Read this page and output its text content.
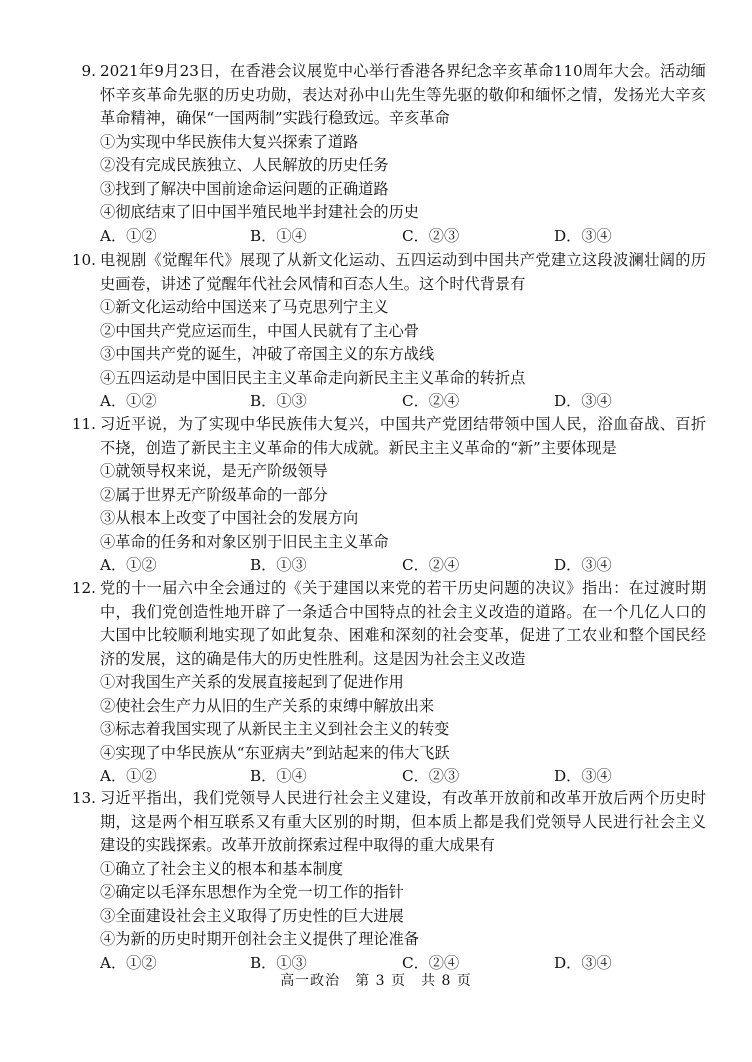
9. 2021年9月23日，在香港会议展览中心举行香港各界纪念辛亥革命110周年大会。活动缅怀辛亥革命先驱的历史功勋，表达对孙中山先生等先驱的敬仰和缅怀之情，发扬光大辛亥革命精神，确保“一国两制”实践行稳致远。辛亥革命
①为实现中华民族伟大复兴探索了道路
②没有完成民族独立、人民解放的历史任务
③找到了解决中国前途命运问题的正确道路
④彻底结束了旧中国半殖民地半封建社会的历史
A．①②	B．①④	C．②③	D．③④
10. 电视剧《觉醒年代》展现了从新文化运动、五四运动到中国共产党建立这段波澜壮阔的历史画卷，讲述了觉醒年代社会风情和百态人生。这个时代背景有
①新文化运动给中国送来了马克思列宁主义
②中国共产党应运而生，中国人民就有了主心骨
③中国共产党的诞生，冲破了帝国主义的东方战线
④五四运动是中国旧民主主义革命走向新民主主义革命的转折点
A．①②	B．①③	C．②④	D．③④
11. 习近平说，为了实现中华民族伟大复兴，中国共产党团结带领中国人民，浴血奋战、百折不挠，创造了新民主主义革命的伟大成就。新民主主义革命的“新”主要体现是
①就领导权来说，是无产阶级领导
②属于世界无产阶级革命的一部分
③从根本上改变了中国社会的发展方向
④革命的任务和对象区别于旧民主主义革命
A．①②	B．①③	C．②④	D．③④
12. 党的十一届六中全会通过的《关于建国以来党的若干历史问题的决议》指出：在过渡时期中，我们党创造性地开辟了一条适合中国特点的社会主义改造的道路。在一个几亿人口的大国中比较顺利地实现了如此复杂、困难和深刻的社会变革，促进了工农业和整个国民经济的发展，这的确是伟大的历史性胜利。这是因为社会主义改造
①对我国生产关系的发展直接起到了促进作用
②使社会生产力从旧的生产关系的束缚中解放出来
③标志着我国实现了从新民主主义到社会主义的转变
④实现了中华民族从“东亚病夫”到站起来的伟大飞跃
A．①②	B．①④	C．②③	D．③④
13. 习近平指出，我们党领导人民进行社会主义建设，有改革开放前和改革开放后两个历史时期，这是两个相互联系又有重大区别的时期，但本质上都是我们党领导人民进行社会主义建设的实践探索。改革开放前探索过程中取得的重大成果有
①确立了社会主义的根本和基本制度
②确定以毛泽东思想作为全党一切工作的指针
③全面建设社会主义取得了历史性的巨大进展
④为新的历史时期开创社会主义提供了理论准备
A．①②	B．①③	C．②④	D．③④
高一政治　第 3 页　共 8 页
